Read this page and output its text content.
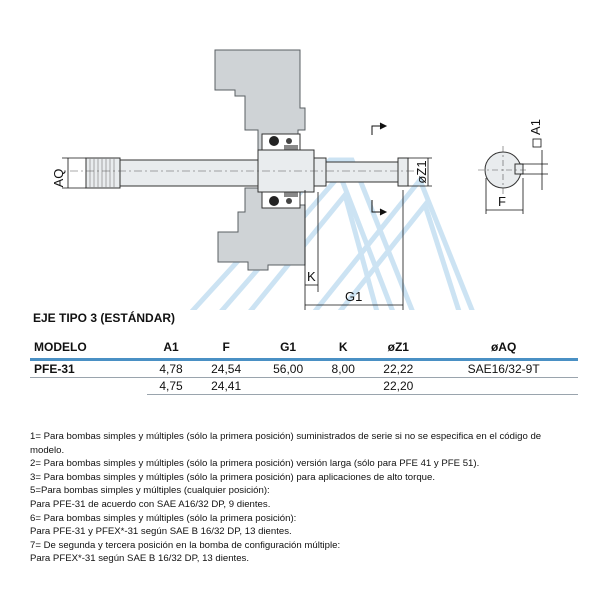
AQ	øZ1
K
G1
F
A1
EJE TIPO 3 (ESTÁNDAR)
MODELO	A1	F	G1	K	øZ1	øAQ
PFE-31	4,78	24,54	56,00	8,00	22,22	SAE16/32-9T
	4,75	24,41			22,20	
1= Para bombas simples y múltiples (sólo la primera posición) suministrados de serie si no se especifica en el código de modelo.
2= Para bombas simples y múltiples (sólo la primera posición) versión larga (sólo para PFE 41 y PFE 51).
3= Para bombas simples y múltiples (sólo la primera posición) para aplicaciones de alto torque.
5=Para bombas simples y múltiples (cualquier posición):
Para PFE-31 de acuerdo con SAE A16/32 DP, 9 dientes.
6= Para bombas simples y múltiples (sólo la primera posición):
Para PFE-31 y PFEX*-31 según SAE B 16/32 DP, 13 dientes.
7= De segunda y tercera posición en la bomba de configuración múltiple:
Para PFEX*-31 según SAE B 16/32 DP, 13 dientes.
